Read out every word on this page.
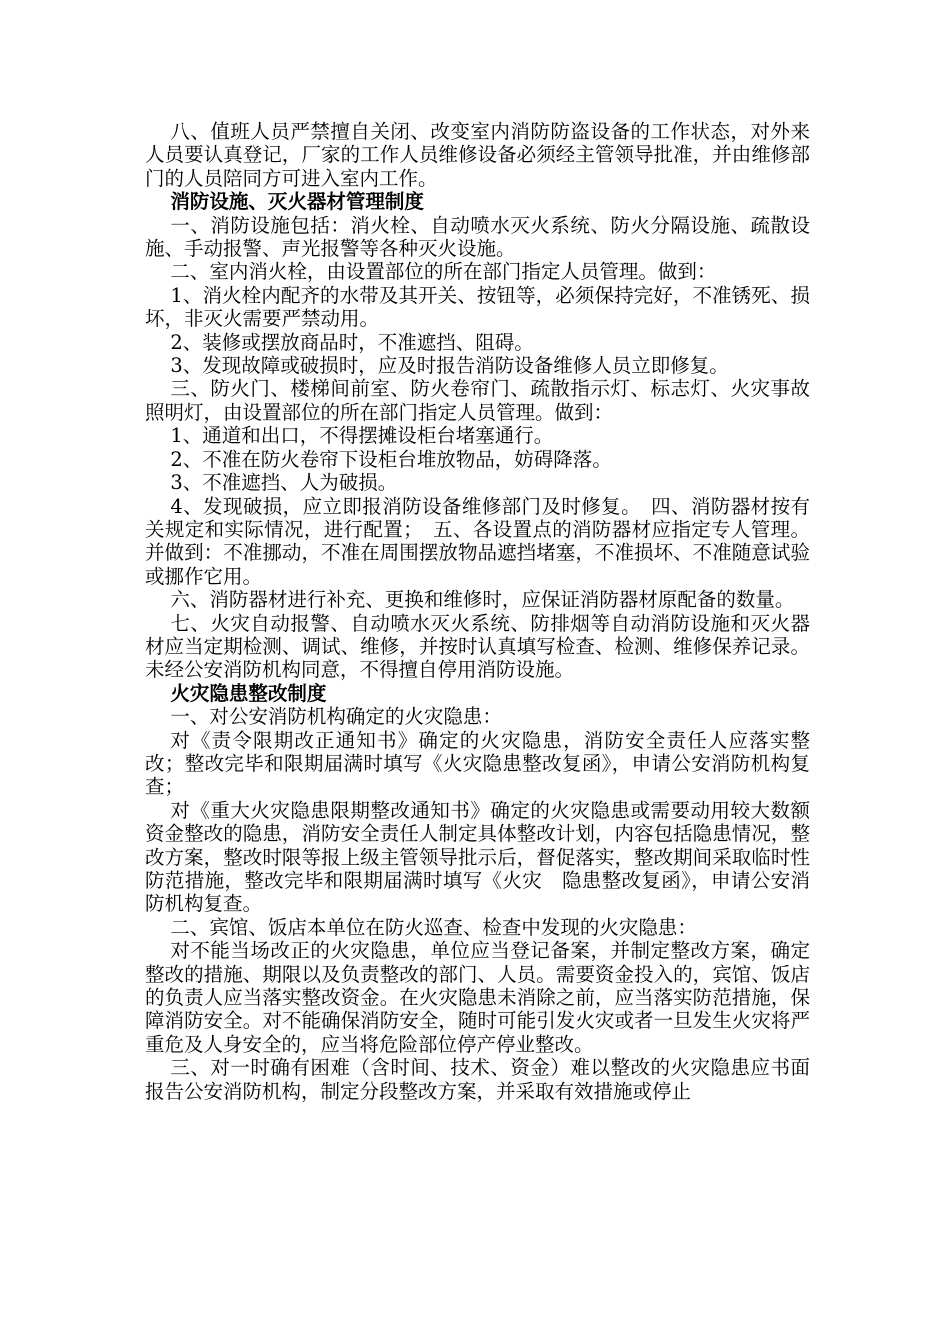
八、值班人员严禁擅自关闭、改变室内消防防盗设备的工作状态，对外来人员要认真登记，厂家的工作人员维修设备必须经主管领导批准，并由维修部门的人员陪同方可进入室内工作。

消防设施、灭火器材管理制度

一、消防设施包括：消火栓、自动喷水灭火系统、防火分隔设施、疏散设施、手动报警、声光报警等各种灭火设施。

二、室内消火栓，由设置部位的所在部门指定人员管理。做到：

1、消火栓内配齐的水带及其开关、按钮等，必须保持完好，不准锈死、损坏，非灭火需要严禁动用。

2、装修或摆放商品时，不准遮挡、阻碍。

3、发现故障或破损时，应及时报告消防设备维修人员立即修复。

三、防火门、楼梯间前室、防火卷帘门、疏散指示灯、标志灯、火灾事故照明灯，由设置部位的所在部门指定人员管理。做到：

1、通道和出口，不得摆摊设柜台堵塞通行。

2、不准在防火卷帘下设柜台堆放物品，妨碍降落。

3、不准遮挡、人为破损。

4、发现破损，应立即报消防设备维修部门及时修复。　四、消防器材按有关规定和实际情况，进行配置；　五、各设置点的消防器材应指定专人管理。并做到：不准挪动，不准在周围摆放物品遮挡堵塞，不准损坏、不准随意试验或挪作它用。

六、消防器材进行补充、更换和维修时，应保证消防器材原配备的数量。

七、火灾自动报警、自动喷水灭火系统、防排烟等自动消防设施和灭火器材应当定期检测、调试、维修，并按时认真填写检查、检测、维修保养记录。未经公安消防机构同意，不得擅自停用消防设施。

火灾隐患整改制度

一、对公安消防机构确定的火灾隐患：

对《责令限期改正通知书》确定的火灾隐患，消防安全责任人应落实整改；整改完毕和限期届满时填写《火灾隐患整改复函》，申请公安消防机构复查；

对《重大火灾隐患限期整改通知书》确定的火灾隐患或需要动用较大数额资金整改的隐患，消防安全责任人制定具体整改计划，内容包括隐患情况，整改方案，整改时限等报上级主管领导批示后，督促落实，整改期间采取临时性防范措施，整改完毕和限期届满时填写《火灾　隐患整改复函》，申请公安消防机构复查。

二、宾馆、饭店本单位在防火巡查、检查中发现的火灾隐患：

对不能当场改正的火灾隐患，单位应当登记备案，并制定整改方案，确定整改的措施、期限以及负责整改的部门、人员。需要资金投入的，宾馆、饭店的负责人应当落实整改资金。在火灾隐患未消除之前，应当落实防范措施，保障消防安全。对不能确保消防安全，随时可能引发火灾或者一旦发生火灾将严重危及人身安全的，应当将危险部位停产停业整改。

三、对一时确有困难（含时间、技术、资金）难以整改的火灾隐患应书面报告公安消防机构，制定分段整改方案，并采取有效措施或停止
